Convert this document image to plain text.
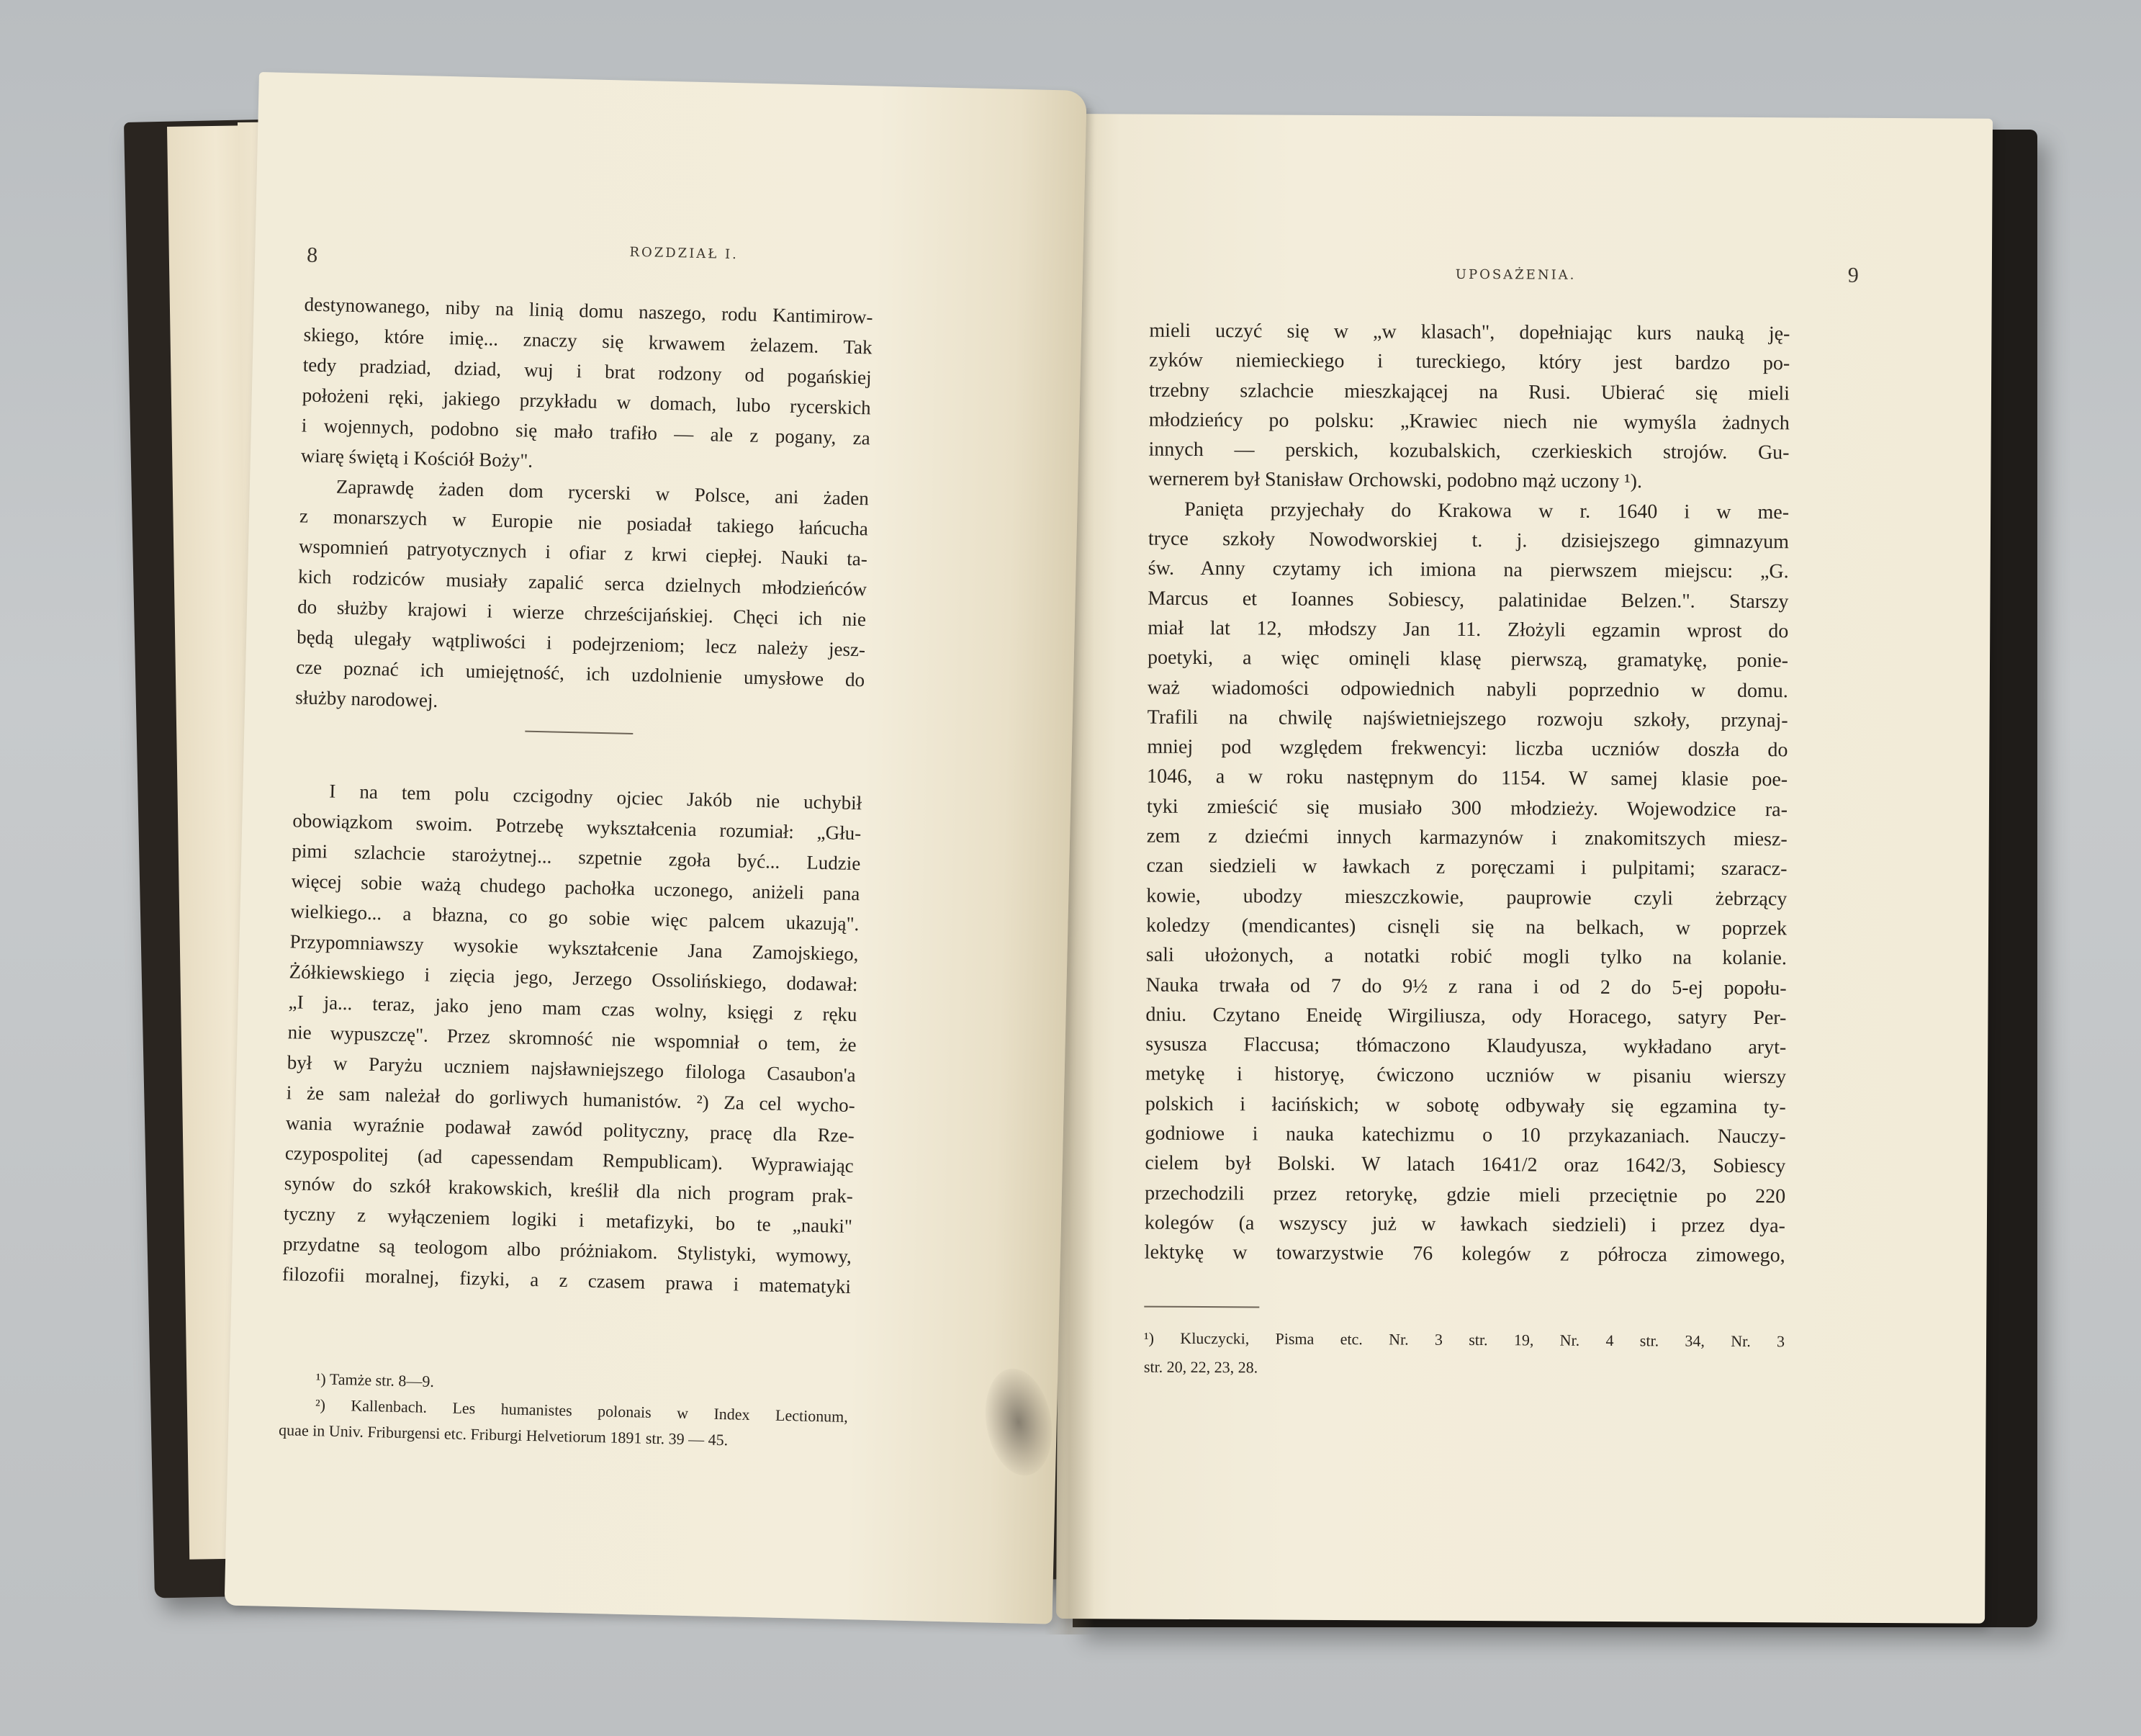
UPOSAŻENIA.	9
mieli uczyć się w „w klasach", dopełniając kurs nauką ję-
zyków niemieckiego i tureckiego, który jest bardzo po-
trzebny szlachcie mieszkającej na Rusi. Ubierać się mieli
młodzieńcy po polsku: „Krawiec niech nie wymyśla żadnych
innych — perskich, kozubalskich, czerkieskich strojów. Gu-
wernerem był Stanisław Orchowski, podobno mąż uczony ¹).
Panięta przyjechały do Krakowa w r. 1640 i w me-
tryce szkoły Nowodworskiej t. j. dzisiejszego gimnazyum
św. Anny czytamy ich imiona na pierwszem miejscu: „G.
Marcus et Ioannes Sobiescy, palatinidae Belzen.". Starszy
miał lat 12, młodszy Jan 11. Złożyli egzamin wprost do
poetyki, a więc ominęli klasę pierwszą, gramatykę, ponie-
waż wiadomości odpowiednich nabyli poprzednio w domu.
Trafili na chwilę najświetniejszego rozwoju szkoły, przynaj-
mniej pod względem frekwencyi: liczba uczniów doszła do
1046, a w roku następnym do 1154. W samej klasie poe-
tyki zmieścić się musiało 300 młodzieży. Wojewodzice ra-
zem z dziećmi innych karmazynów i znakomitszych miesz-
czan siedzieli w ławkach z poręczami i pulpitami; szaracz-
kowie, ubodzy mieszczkowie, pauprowie czyli żebrzący
koledzy (mendicantes) cisnęli się na belkach, w poprzek
sali ułożonych, a notatki robić mogli tylko na kolanie.
Nauka trwała od 7 do 9½ z rana i od 2 do 5-ej popołu-
dniu. Czytano Eneidę Wirgiliusza, ody Horacego, satyry Per-
sysusza Flaccusa; tłómaczono Klaudyusza, wykładano aryt-
metykę i historyę, ćwiczono uczniów w pisaniu wierszy
polskich i łacińskich; w sobotę odbywały się egzamina ty-
godniowe i nauka katechizmu o 10 przykazaniach. Nauczy-
cielem był Bolski. W latach 1641/2 oraz 1642/3, Sobiescy
przechodzili przez retorykę, gdzie mieli przeciętnie po 220
kolegów (a wszyscy już w ławkach siedzieli) i przez dya-
lektykę w towarzystwie 76 kolegów z półrocza zimowego,
¹) Kluczycki, Pisma etc. Nr. 3 str. 19, Nr. 4 str. 34, Nr. 3
str. 20, 22, 23, 28.
8	ROZDZIAŁ I.
destynowanego, niby na linią domu naszego, rodu Kantimirow-
skiego, które imię... znaczy się krwawem żelazem. Tak
tedy pradziad, dziad, wuj i brat rodzony od pogańskiej
położeni ręki, jakiego przykładu w domach, lubo rycerskich
i wojennych, podobno się mało trafiło — ale z pogany, za
wiarę świętą i Kościół Boży".
Zaprawdę żaden dom rycerski w Polsce, ani żaden
z monarszych w Europie nie posiadał takiego łańcucha
wspomnień patryotycznych i ofiar z krwi ciepłej. Nauki ta-
kich rodziców musiały zapalić serca dzielnych młodzieńców
do służby krajowi i wierze chrześcijańskiej. Chęci ich nie
będą ulegały wątpliwości i podejrzeniom; lecz należy jesz-
cze poznać ich umiejętność, ich uzdolnienie umysłowe do
służby narodowej.
I na tem polu czcigodny ojciec Jakób nie uchybił
obowiązkom swoim. Potrzebę wykształcenia rozumiał: „Głu-
pimi szlachcie starożytnej... szpetnie zgoła być... Ludzie
więcej sobie ważą chudego pachołka uczonego, aniżeli pana
wielkiego... a błazna, co go sobie więc palcem ukazują".
Przypomniawszy wysokie wykształcenie Jana Zamojskiego,
Żółkiewskiego i zięcia jego, Jerzego Ossolińskiego, dodawał:
„I ja... teraz, jako jeno mam czas wolny, księgi z ręku
nie wypuszczę". Przez skromność nie wspomniał o tem, że
był w Paryżu uczniem najsławniejszego filologa Casaubon'a
i że sam należał do gorliwych humanistów. ²) Za cel wycho-
wania wyraźnie podawał zawód polityczny, pracę dla Rze-
czypospolitej (ad capessendam Rempublicam). Wyprawiając
synów do szkół krakowskich, kreślił dla nich program prak-
tyczny z wyłączeniem logiki i metafizyki, bo te „nauki"
przydatne są teologom albo próżniakom. Stylistyki, wymowy,
filozofii moralnej, fizyki, a z czasem prawa i matematyki
¹) Tamże str. 8—9.
²) Kallenbach. Les humanistes polonais w Index Lectionum,
quae in Univ. Friburgensi etc. Friburgi Helvetiorum 1891 str. 39 — 45.
